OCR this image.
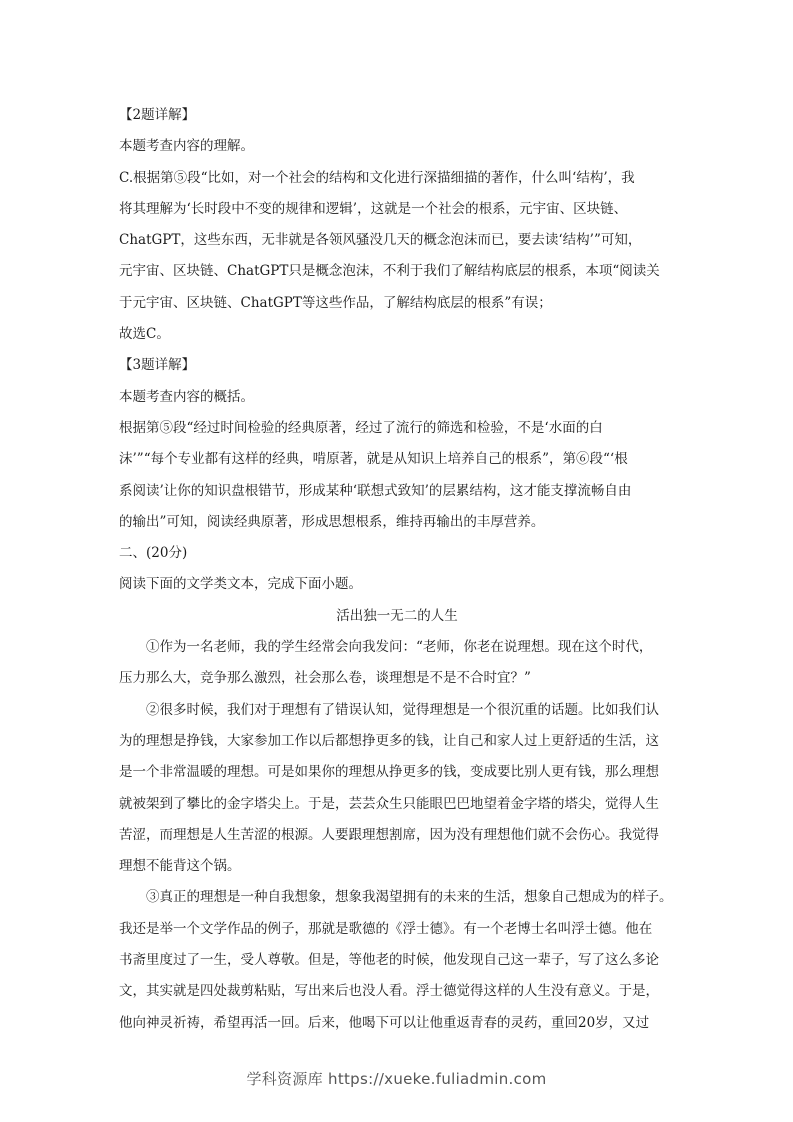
【2题详解】
本题考查内容的理解。
C.根据第⑤段“比如，对一个社会的结构和文化进行深描细描的著作，什么叫‘结构’，我
将其理解为‘长时段中不变的规律和逻辑’，这就是一个社会的根系，元宇宙、区块链、
ChatGPT，这些东西，无非就是各领风骚没几天的概念泡沫而已，要去读‘结构’”可知，
元宇宙、区块链、ChatGPT只是概念泡沫，不利于我们了解结构底层的根系，本项“阅读关
于元宇宙、区块链、ChatGPT等这些作品，了解结构底层的根系”有误；
故选C。
【3题详解】
本题考查内容的概括。
根据第⑤段“经过时间检验的经典原著，经过了流行的筛选和检验，不是‘水面的白
沫’”“每个专业都有这样的经典，啃原著，就是从知识上培养自己的根系”，第⑥段“‘根
系阅读’让你的知识盘根错节，形成某种‘联想式致知’的层累结构，这才能支撑流畅自由
的输出”可知，阅读经典原著，形成思想根系，维持再输出的丰厚营养。
二、(20分)
阅读下面的文学类文本，完成下面小题。
活出独一无二的人生
　　①作为一名老师，我的学生经常会向我发问：“老师，你老在说理想。现在这个时代，
压力那么大，竞争那么激烈，社会那么卷，谈理想是不是不合时宜？”
　　②很多时候，我们对于理想有了错误认知，觉得理想是一个很沉重的话题。比如我们认
为的理想是挣钱，大家参加工作以后都想挣更多的钱，让自己和家人过上更舒适的生活，这
是一个非常温暖的理想。可是如果你的理想从挣更多的钱，变成要比别人更有钱，那么理想
就被架到了攀比的金字塔尖上。于是，芸芸众生只能眼巴巴地望着金字塔的塔尖，觉得人生
苦涩，而理想是人生苦涩的根源。人要跟理想割席，因为没有理想他们就不会伤心。我觉得
理想不能背这个锅。
　　③真正的理想是一种自我想象，想象我渴望拥有的未来的生活，想象自己想成为的样子。
我还是举一个文学作品的例子，那就是歌德的《浮士德》。有一个老博士名叫浮士德。他在
书斋里度过了一生，受人尊敬。但是，等他老的时候，他发现自己这一辈子，写了这么多论
文，其实就是四处裁剪粘贴，写出来后也没人看。浮士德觉得这样的人生没有意义。于是，
他向神灵祈祷，希望再活一回。后来，他喝下可以让他重返青春的灵药，重回20岁，又过
学科资源库 https://xueke.fuliadmin.com
